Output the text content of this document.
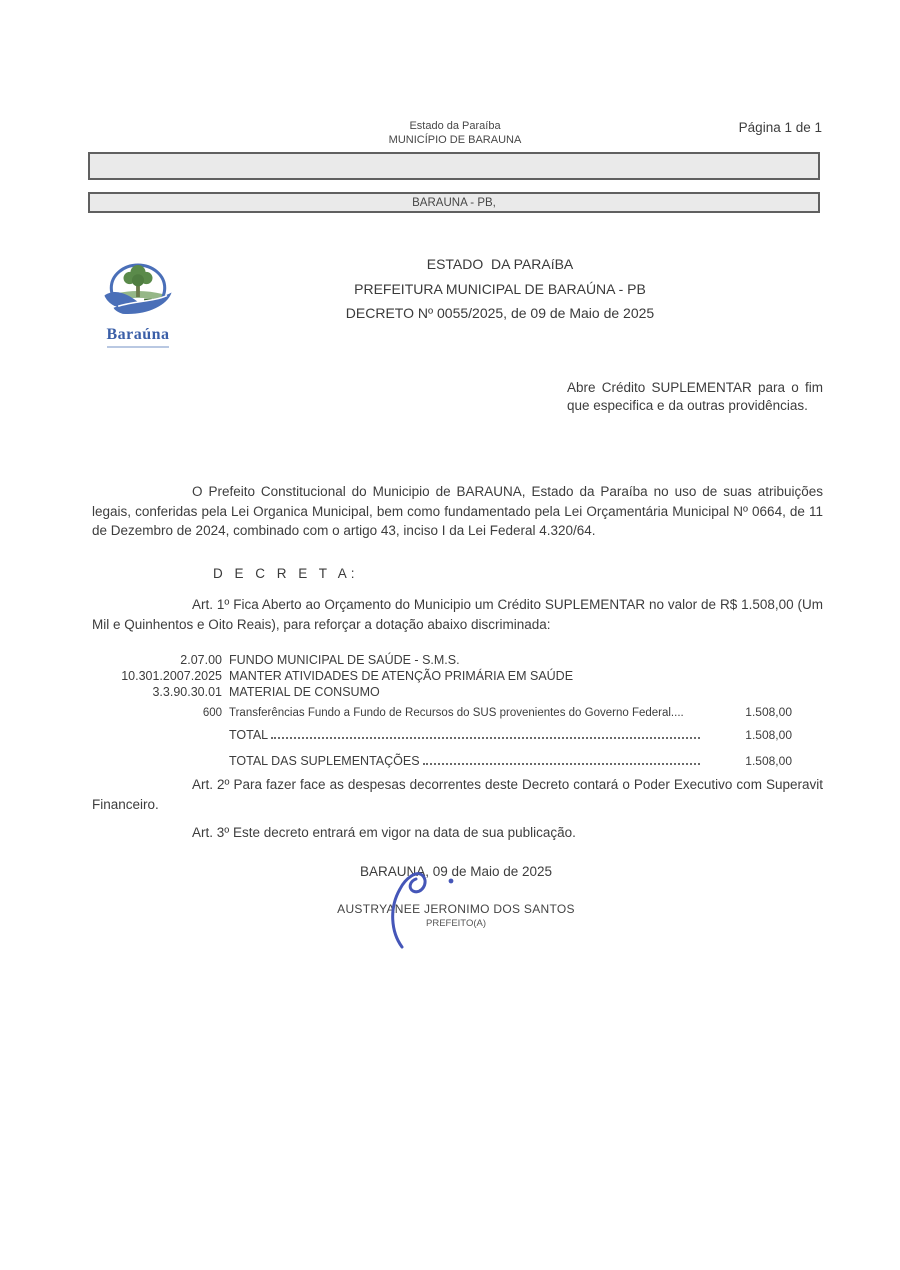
Estado da Paraíba
MUNICÍPIO DE BARAUNA
Página 1 de 1
BARAUNA - PB,
Baraúna
ESTADO  DA PARAíBA
PREFEITURA MUNICIPAL DE BARAÚNA - PB
DECRETO Nº 0055/2025, de 09 de Maio de 2025
Abre Crédito SUPLEMENTAR para o fim que especifica e da outras providências.
O Prefeito Constitucional do Municipio de BARAUNA, Estado da Paraíba no uso de suas atribuições legais, conferidas pela Lei Organica Municipal, bem como fundamentado pela Lei Orçamentária Municipal Nº 0664, de 11 de Dezembro de 2024, combinado com o artigo 43, inciso I da Lei Federal 4.320/64.
D E C R E T A:
Art. 1º Fica Aberto ao Orçamento do Municipio um Crédito SUPLEMENTAR no valor de R$ 1.508,00 (Um Mil e Quinhentos e Oito Reais), para reforçar a dotação abaixo discriminada:
2.07.00 FUNDO MUNICIPAL DE SAÚDE - S.M.S.
10.301.2007.2025 MANTER ATIVIDADES DE ATENÇÃO PRIMÁRIA EM SAÚDE
3.3.90.30.01 MATERIAL DE CONSUMO
600 Transferências Fundo a Fundo de Recursos do SUS provenientes do Governo Federal....	1.508,00
TOTAL	1.508,00
TOTAL DAS SUPLEMENTAÇÕES	1.508,00
Art. 2º Para fazer face as despesas decorrentes deste Decreto contará o Poder Executivo com Superavit Financeiro.
Art. 3º Este decreto entrará em vigor na data de sua publicação.
BARAUNA, 09 de Maio de 2025
AUSTRYANEE JERONIMO DOS SANTOS
PREFEITO(A)
